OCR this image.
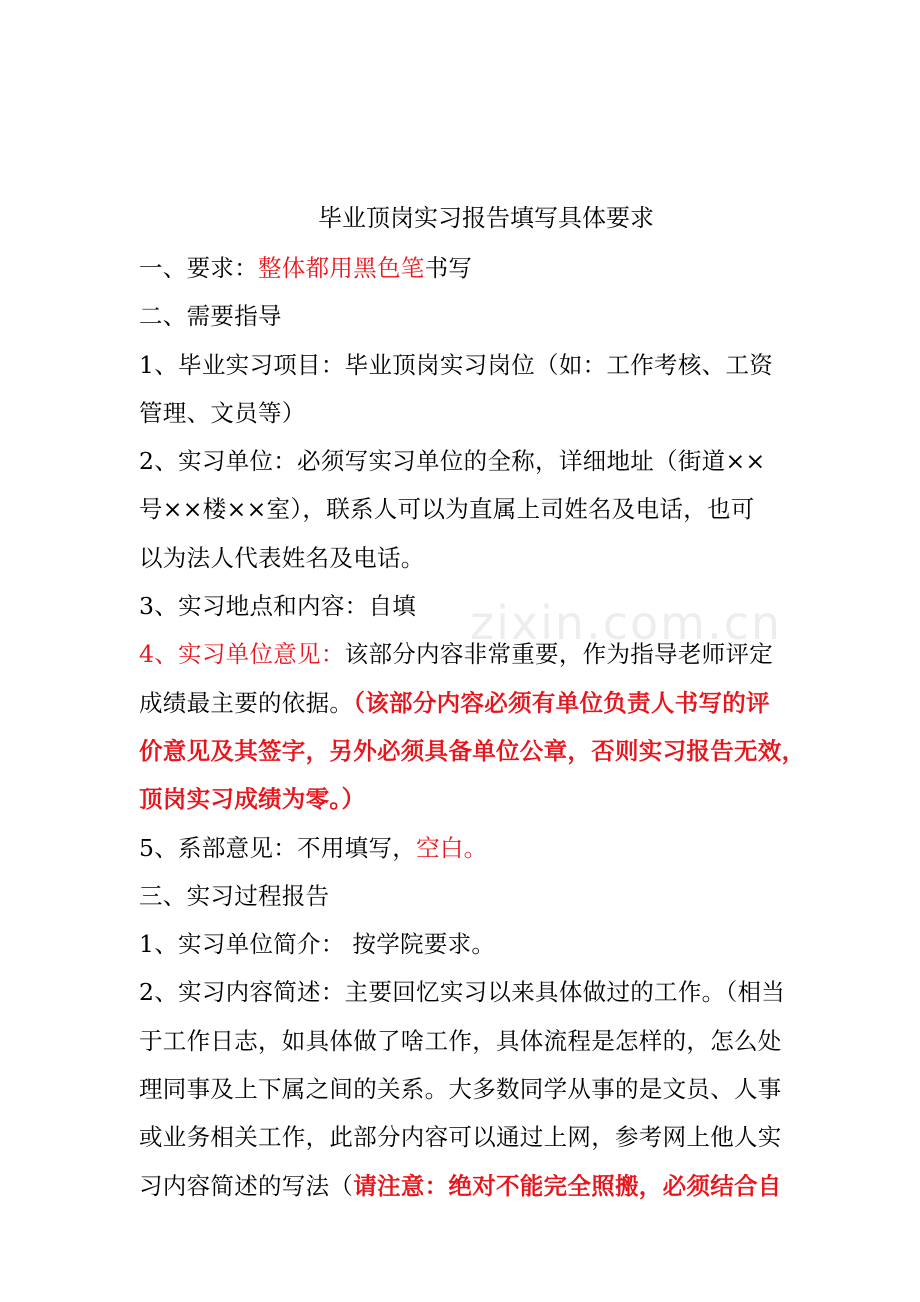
zixin.com.cn
毕业顶岗实习报告填写具体要求

一、要求：整体都用黑色笔书写

二、需要指导

1、毕业实习项目：毕业顶岗实习岗位（如：工作考核、工资

管理、文员等）

2、实习单位：必须写实习单位的全称，详细地址（街道××

号××楼××室），联系人可以为直属上司姓名及电话，也可

以为法人代表姓名及电话。

3、实习地点和内容：自填

4、实习单位意见：该部分内容非常重要，作为指导老师评定

成绩最主要的依据。（该部分内容必须有单位负责人书写的评

价意见及其签字，另外必须具备单位公章，否则实习报告无效，

顶岗实习成绩为零。）

5、系部意见：不用填写，空白。

三、实习过程报告

1、实习单位简介： 按学院要求。

2、实习内容简述：主要回忆实习以来具体做过的工作。（相当

于工作日志，如具体做了啥工作，具体流程是怎样的，怎么处

理同事及上下属之间的关系。大多数同学从事的是文员、人事

或业务相关工作，此部分内容可以通过上网，参考网上他人实

习内容简述的写法（请注意：绝对不能完全照搬，必须结合自
